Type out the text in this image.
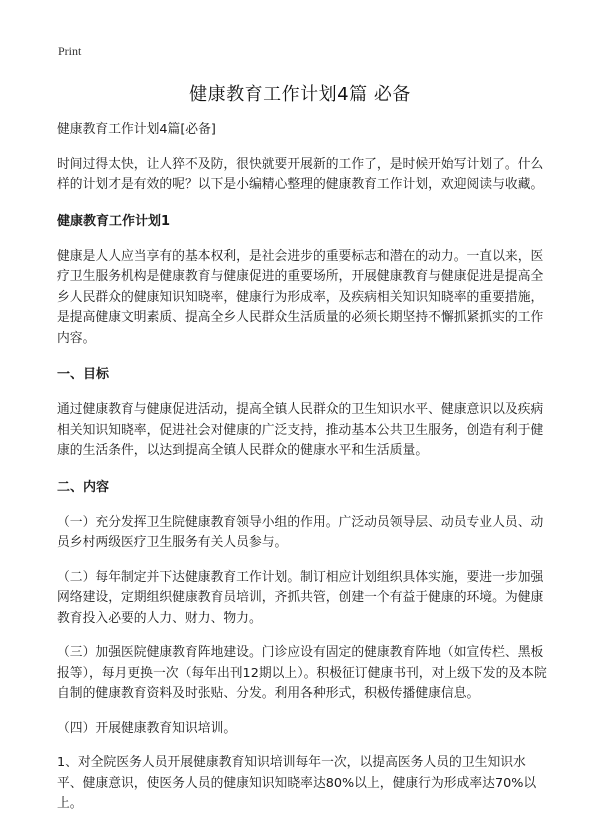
Print
健康教育工作计划4篇 必备

健康教育工作计划4篇[必备]

时间过得太快，让人猝不及防，很快就要开展新的工作了，是时候开始写计划了。什么样的计划才是有效的呢？以下是小编精心整理的健康教育工作计划，欢迎阅读与收藏。

健康教育工作计划1

健康是人人应当享有的基本权利，是社会进步的重要标志和潜在的动力。一直以来，医疗卫生服务机构是健康教育与健康促进的重要场所，开展健康教育与健康促进是提高全乡人民群众的健康知识知晓率，健康行为形成率，及疾病相关知识知晓率的重要措施，是提高健康文明素质、提高全乡人民群众生活质量的必须长期坚持不懈抓紧抓实的工作内容。

一、目标

通过健康教育与健康促进活动，提高全镇人民群众的卫生知识水平、健康意识以及疾病相关知识知晓率，促进社会对健康的广泛支持，推动基本公共卫生服务，创造有利于健康的生活条件，以达到提高全镇人民群众的健康水平和生活质量。

二、内容

（一）充分发挥卫生院健康教育领导小组的作用。广泛动员领导层、动员专业人员、动员乡村两级医疗卫生服务有关人员参与。

（二）每年制定并下达健康教育工作计划。制订相应计划组织具体实施，要进一步加强网络建设，定期组织健康教育员培训，齐抓共管，创建一个有益于健康的环境。为健康教育投入必要的人力、财力、物力。

（三）加强医院健康教育阵地建设。门诊应设有固定的健康教育阵地（如宣传栏、黑板报等），每月更换一次（每年出刊12期以上）。积极征订健康书刊，对上级下发的及本院自制的健康教育资料及时张贴、分发。利用各种形式，积极传播健康信息。

（四）开展健康教育知识培训。

1、对全院医务人员开展健康教育知识培训每年一次，以提高医务人员的卫生知识水平、健康意识，使医务人员的健康知识知晓率达80%以上，健康行为形成率达70%以上。
